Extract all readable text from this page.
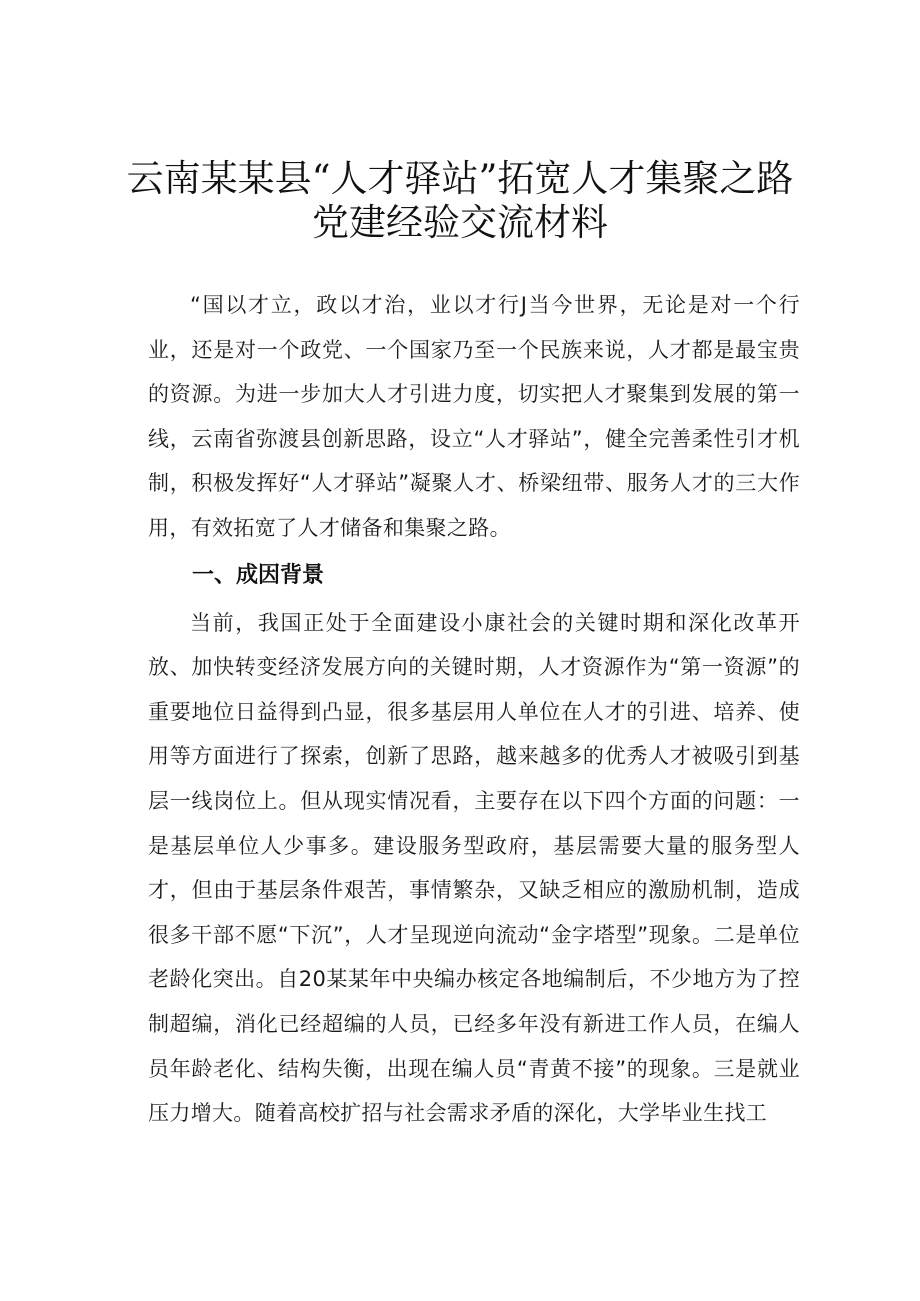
云南某某县“人才驿站”拓宽人才集聚之路
党建经验交流材料

“国以才立，政以才治，业以才行J当今世界，无论是对一个行业，还是对一个政党、一个国家乃至一个民族来说，人才都是最宝贵的资源。为进一步加大人才引进力度，切实把人才聚集到发展的第一线，云南省弥渡县创新思路，设立“人才驿站”，健全完善柔性引才机制，积极发挥好“人才驿站”凝聚人才、桥梁纽带、服务人才的三大作用，有效拓宽了人才储备和集聚之路。

一、成因背景

当前，我国正处于全面建设小康社会的关键时期和深化改革开放、加快转变经济发展方向的关键时期，人才资源作为“第一资源”的重要地位日益得到凸显，很多基层用人单位在人才的引进、培养、使用等方面进行了探索，创新了思路，越来越多的优秀人才被吸引到基层一线岗位上。但从现实情况看，主要存在以下四个方面的问题：一是基层单位人少事多。建设服务型政府，基层需要大量的服务型人才，但由于基层条件艰苦，事情繁杂，又缺乏相应的激励机制，造成很多干部不愿“下沉”，人才呈现逆向流动“金字塔型”现象。二是单位老龄化突出。自20某某年中央编办核定各地编制后，不少地方为了控制超编，消化已经超编的人员，已经多年没有新进工作人员，在编人员年龄老化、结构失衡，出现在编人员“青黄不接”的现象。三是就业压力增大。随着高校扩招与社会需求矛盾的深化，大学毕业生找工
